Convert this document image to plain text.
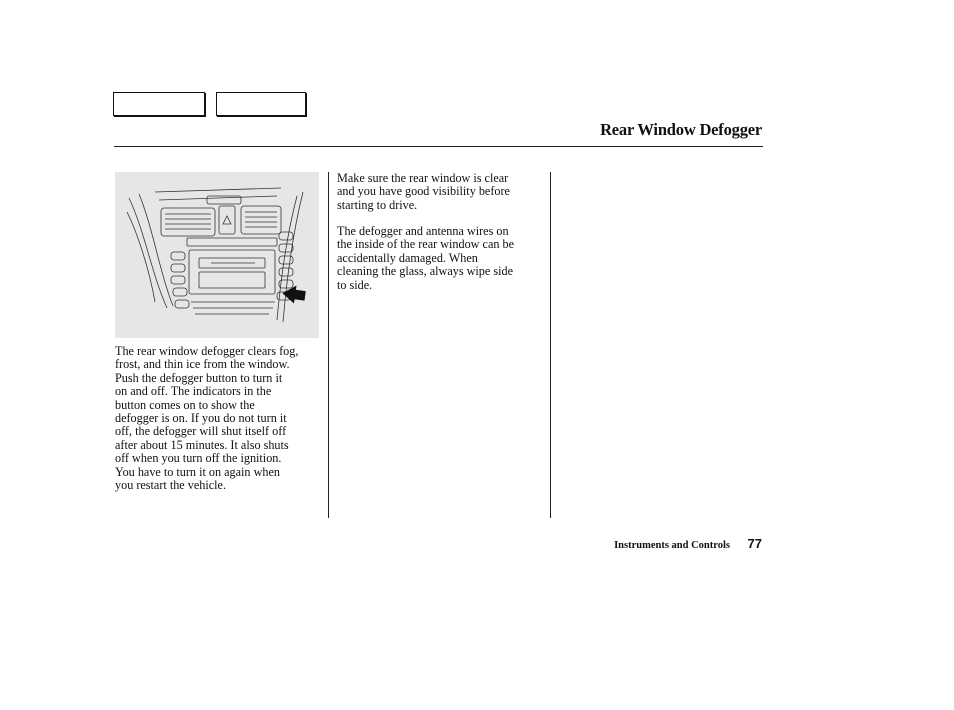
Rear Window Defogger

The rear window defogger clears fog,
frost, and thin ice from the window.
Push the defogger button to turn it
on and off. The indicators in the
button comes on to show the
defogger is on. If you do not turn it
off, the defogger will shut itself off
after about 15 minutes. It also shuts
off when you turn off the ignition.
You have to turn it on again when
you restart the vehicle.

Make sure the rear window is clear
and you have good visibility before
starting to drive.

The defogger and antenna wires on
the inside of the rear window can be
accidentally damaged. When
cleaning the glass, always wipe side
to side.

Instruments and Controls 77
